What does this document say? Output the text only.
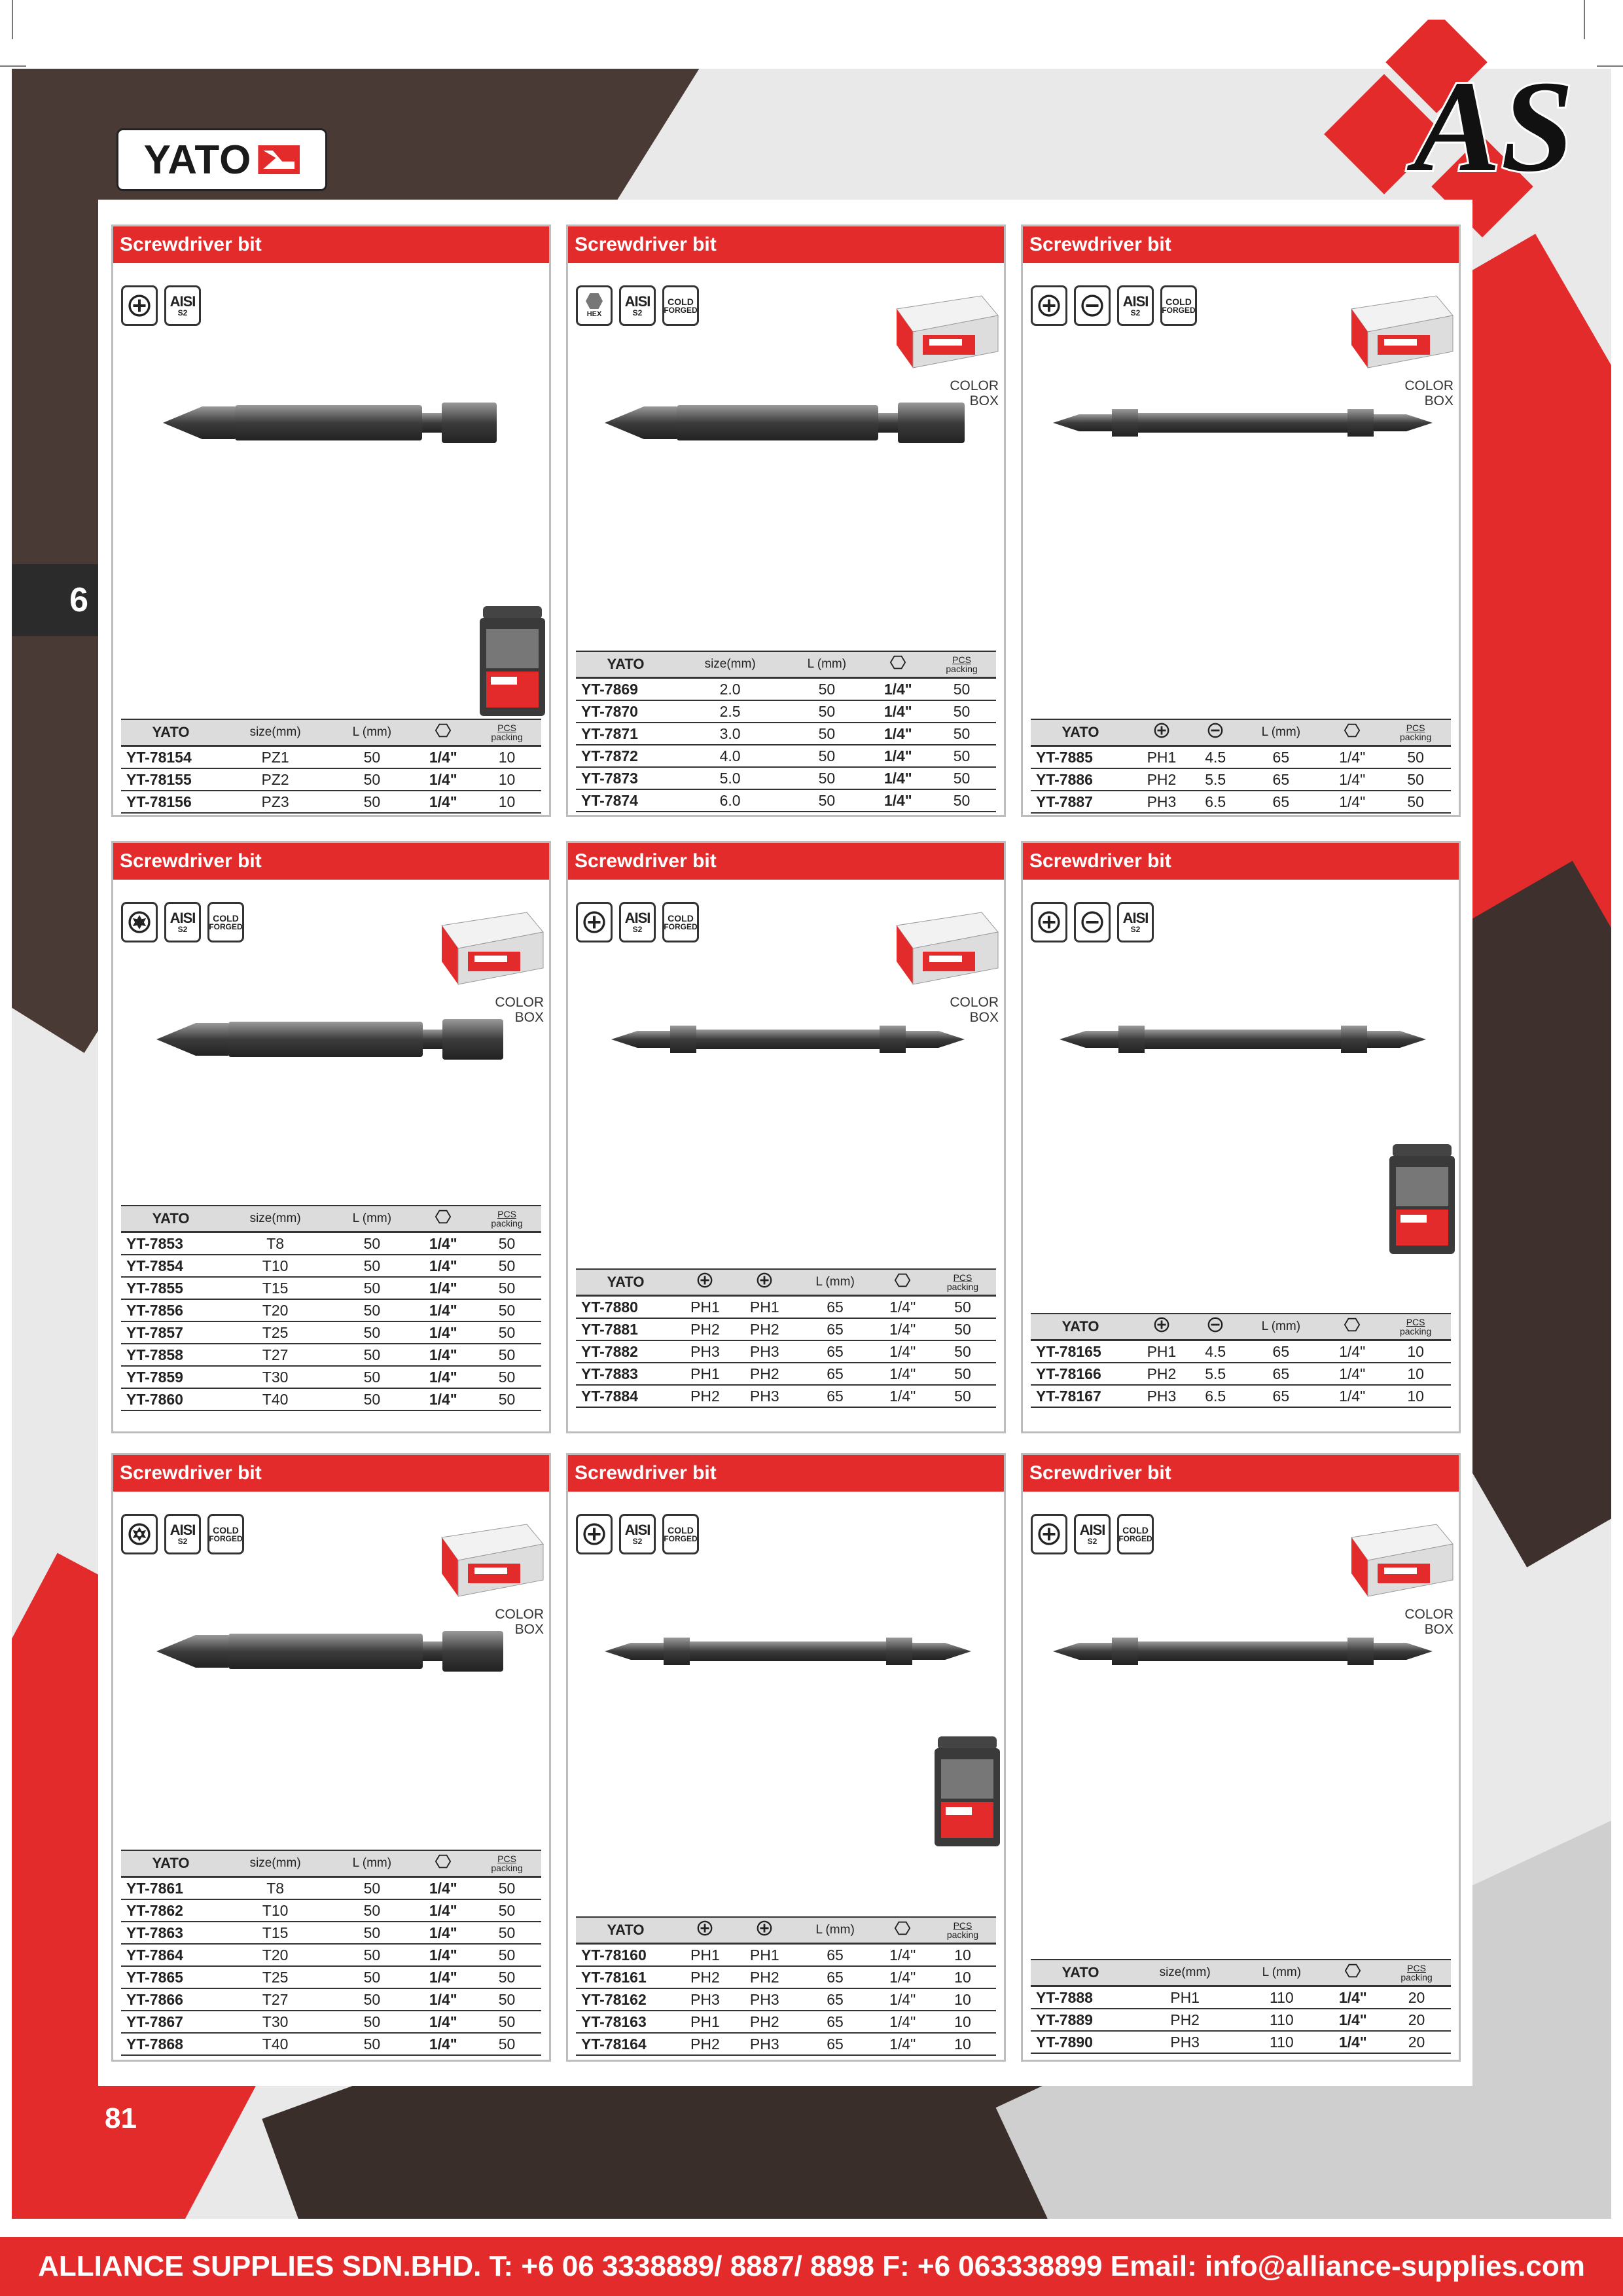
YATO	AS
6
Screwdriver bit
AISI
S2
YATO	size(mm)	L (mm)		PCS
packing

YT-78154	PZ1	50	1/4"	10
YT-78155	PZ2	50	1/4"	10
YT-78156	PZ3	50	1/4"	10
Screwdriver bit
HEX
AISI
S2
COLD
FORGED
COLOR
BOX
YATO	size(mm)	L (mm)		PCS
packing

YT-7869	2.0	50	1/4"	50
YT-7870	2.5	50	1/4"	50
YT-7871	3.0	50	1/4"	50
YT-7872	4.0	50	1/4"	50
YT-7873	5.0	50	1/4"	50
YT-7874	6.0	50	1/4"	50
Screwdriver bit
AISI
S2
COLD
FORGED
COLOR
BOX
YATO			L (mm)		PCS
packing

YT-7885	PH1	4.5	65	1/4"	50
YT-7886	PH2	5.5	65	1/4"	50
YT-7887	PH3	6.5	65	1/4"	50
Screwdriver bit
AISI
S2
COLD
FORGED
COLOR
BOX
YATO	size(mm)	L (mm)		PCS
packing

YT-7853	T8	50	1/4"	50
YT-7854	T10	50	1/4"	50
YT-7855	T15	50	1/4"	50
YT-7856	T20	50	1/4"	50
YT-7857	T25	50	1/4"	50
YT-7858	T27	50	1/4"	50
YT-7859	T30	50	1/4"	50
YT-7860	T40	50	1/4"	50
Screwdriver bit
AISI
S2
COLD
FORGED
COLOR
BOX
YATO			L (mm)		PCS
packing

YT-7880	PH1	PH1	65	1/4"	50
YT-7881	PH2	PH2	65	1/4"	50
YT-7882	PH3	PH3	65	1/4"	50
YT-7883	PH1	PH2	65	1/4"	50
YT-7884	PH2	PH3	65	1/4"	50
Screwdriver bit
AISI
S2
YATO			L (mm)		PCS
packing

YT-78165	PH1	4.5	65	1/4"	10
YT-78166	PH2	5.5	65	1/4"	10
YT-78167	PH3	6.5	65	1/4"	10
Screwdriver bit
AISI
S2
COLD
FORGED
COLOR
BOX
YATO	size(mm)	L (mm)		PCS
packing

YT-7861	T8	50	1/4"	50
YT-7862	T10	50	1/4"	50
YT-7863	T15	50	1/4"	50
YT-7864	T20	50	1/4"	50
YT-7865	T25	50	1/4"	50
YT-7866	T27	50	1/4"	50
YT-7867	T30	50	1/4"	50
YT-7868	T40	50	1/4"	50
Screwdriver bit
AISI
S2
COLD
FORGED
YATO			L (mm)		PCS
packing

YT-78160	PH1	PH1	65	1/4"	10
YT-78161	PH2	PH2	65	1/4"	10
YT-78162	PH3	PH3	65	1/4"	10
YT-78163	PH1	PH2	65	1/4"	10
YT-78164	PH2	PH3	65	1/4"	10
Screwdriver bit
AISI
S2
COLD
FORGED
COLOR
BOX
YATO	size(mm)	L (mm)		PCS
packing

YT-7888	PH1	110	1/4"	20
YT-7889	PH2	110	1/4"	20
YT-7890	PH3	110	1/4"	20
81
ALLIANCE SUPPLIES SDN.BHD. T: +6 06 3338889/ 8887/ 8898 F: +6 063338899 Email: info@alliance-supplies.com
